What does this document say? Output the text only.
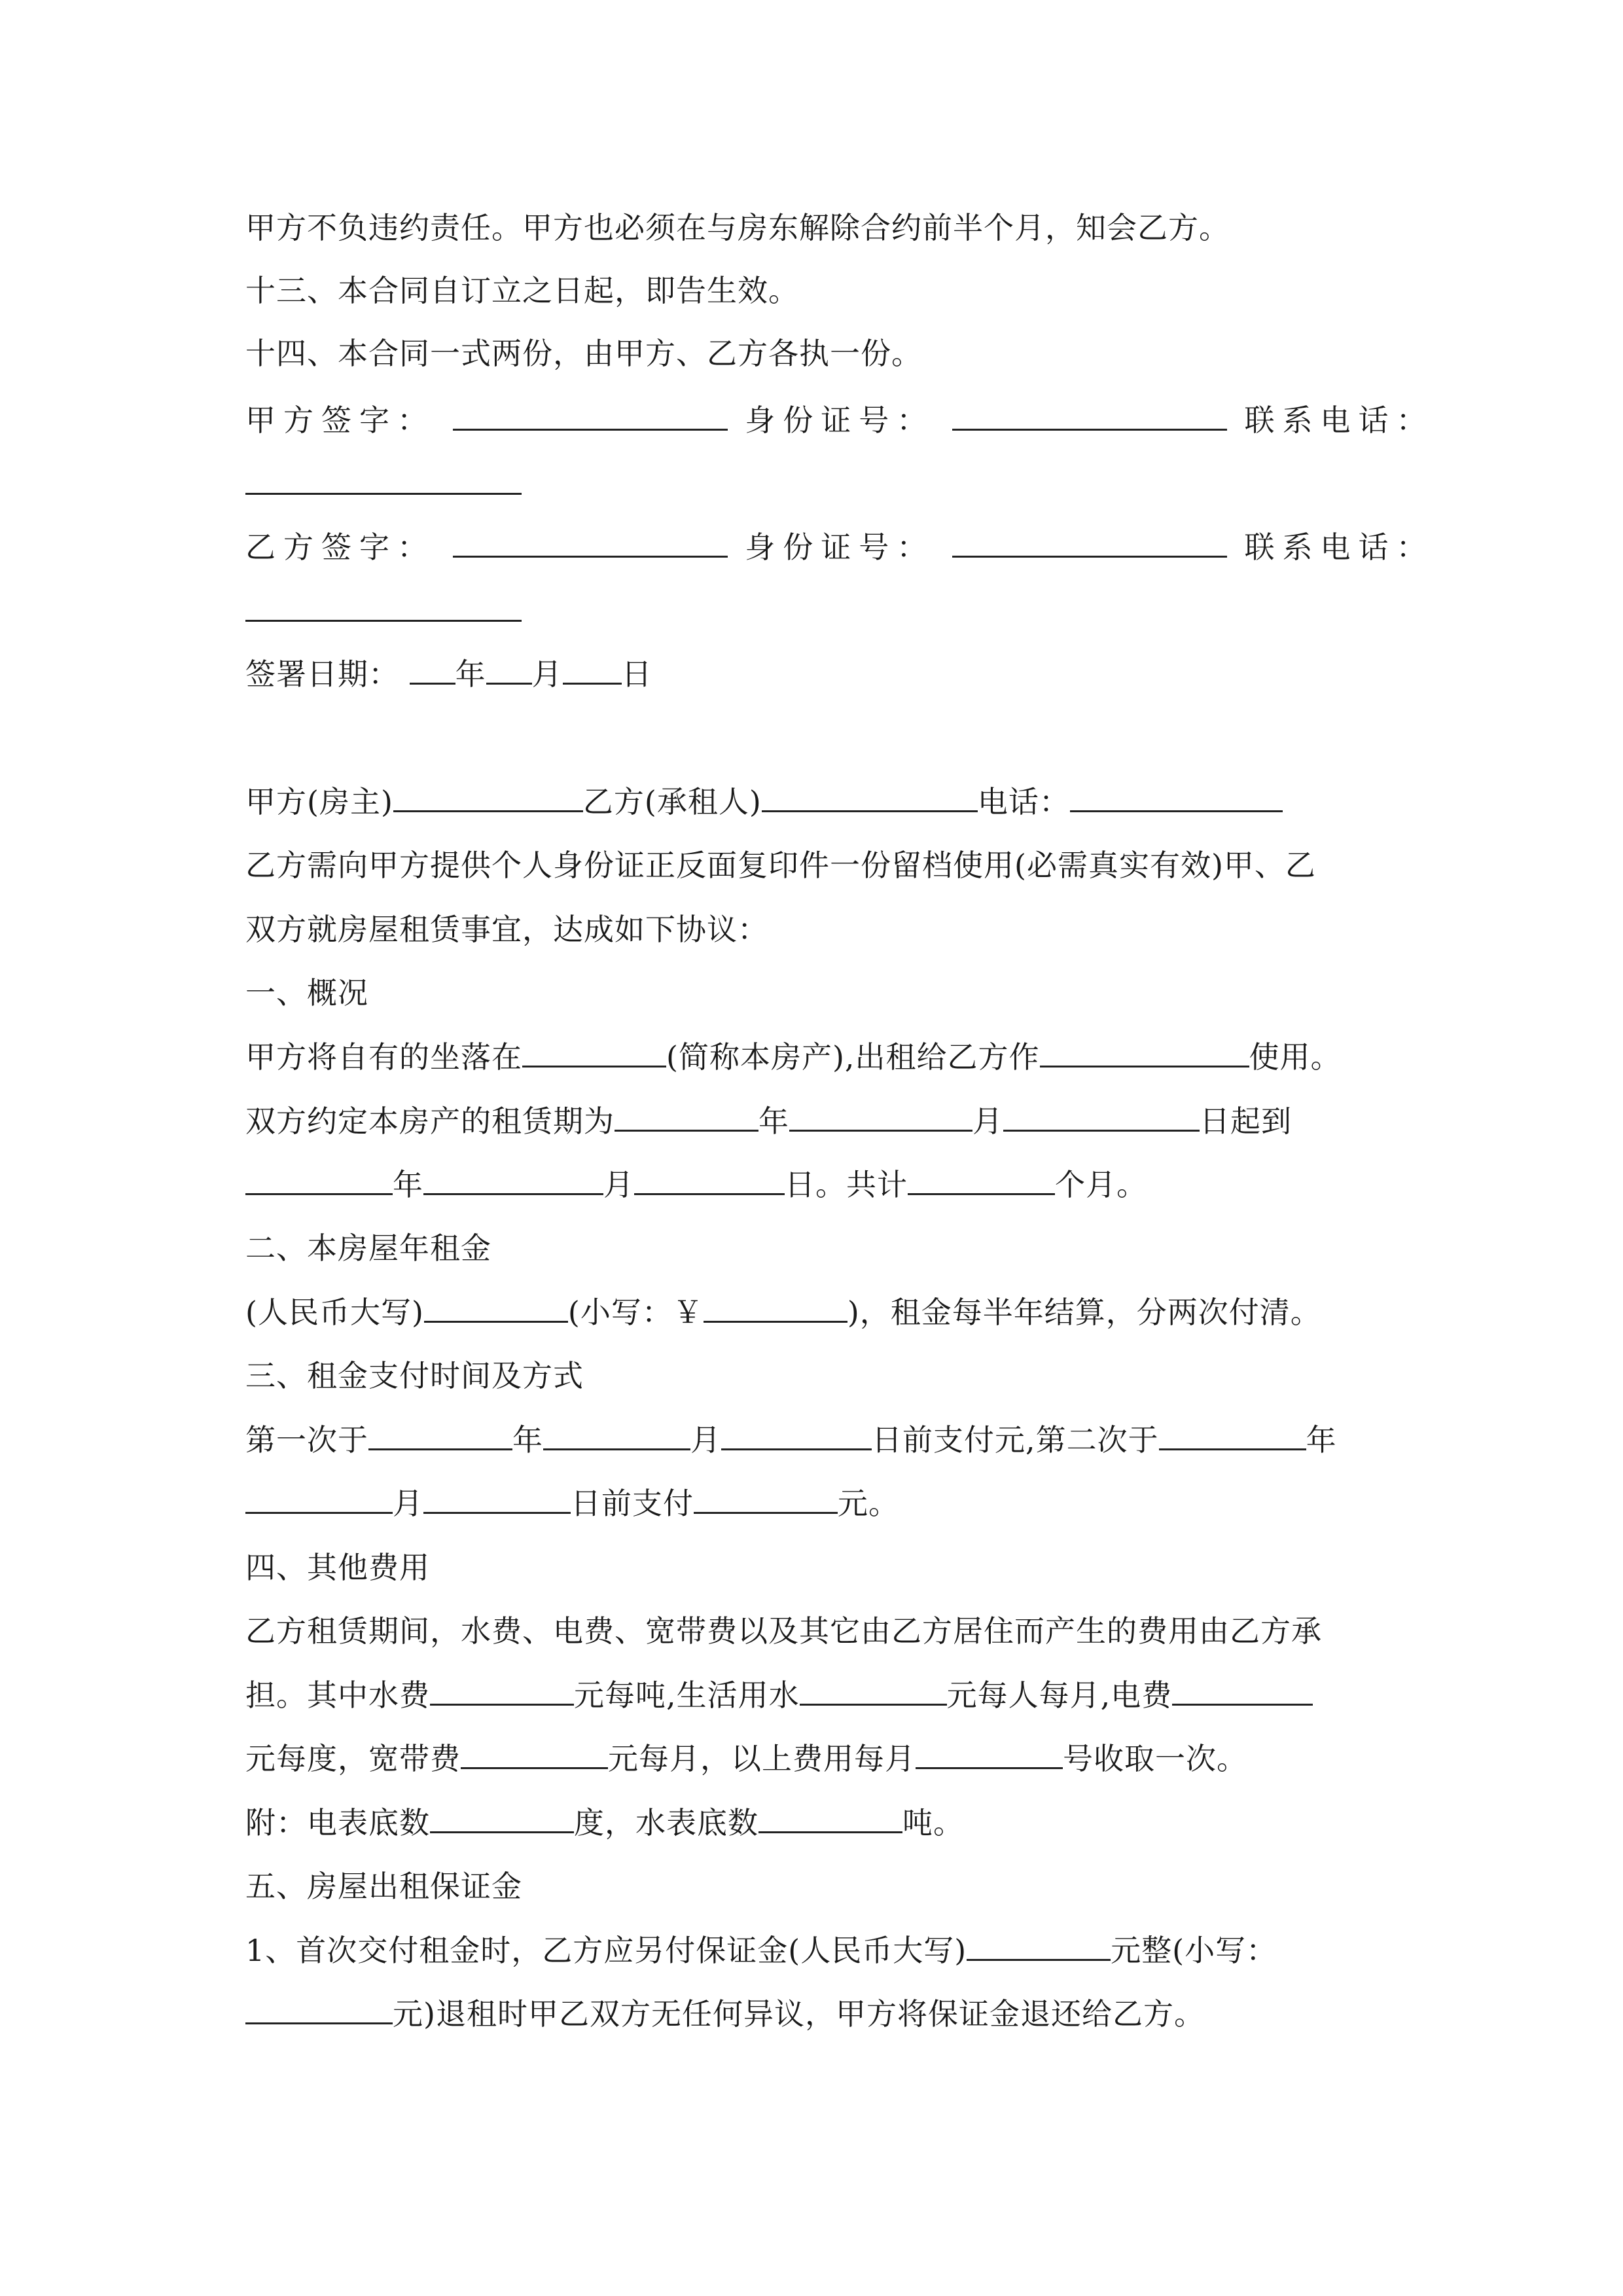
甲方不负违约责任。甲方也必须在与房东解除合约前半个月，知会乙方。
十三、本合同自订立之日起，即告生效。
十四、本合同一式两份，由甲方、乙方各执一份。
甲方签字：	身份证号：	联系电话：
乙方签字：	身份证号：	联系电话：
签署日期： 年 月 日
甲方(房主)	乙方(承租人)	电话：
乙方需向甲方提供个人身份证正反面复印件一份留档使用(必需真实有效)甲、乙
双方就房屋租赁事宜，达成如下协议：
一、概况
甲方将自有的坐落在	(简称本房产),出租给乙方作	使用。
双方约定本房产的租赁期为	年	月	日起到
年	月	日。共计	个月。
二、本房屋年租金
(人民币大写)	(小写：￥	)，租金每半年结算，分两次付清。
三、租金支付时间及方式
第一次于	年	月	日前支付元,第二次于	年
月	日前支付	元。
四、其他费用
乙方租赁期间，水费、电费、宽带费以及其它由乙方居住而产生的费用由乙方承
担。其中水费	元每吨,生活用水	元每人每月,电费
元每度，宽带费	元每月，以上费用每月	号收取一次。
附：电表底数	度，水表底数	吨。
五、房屋出租保证金
1、首次交付租金时，乙方应另付保证金(人民币大写)	元整(小写：
元)退租时甲乙双方无任何异议，甲方将保证金退还给乙方。
